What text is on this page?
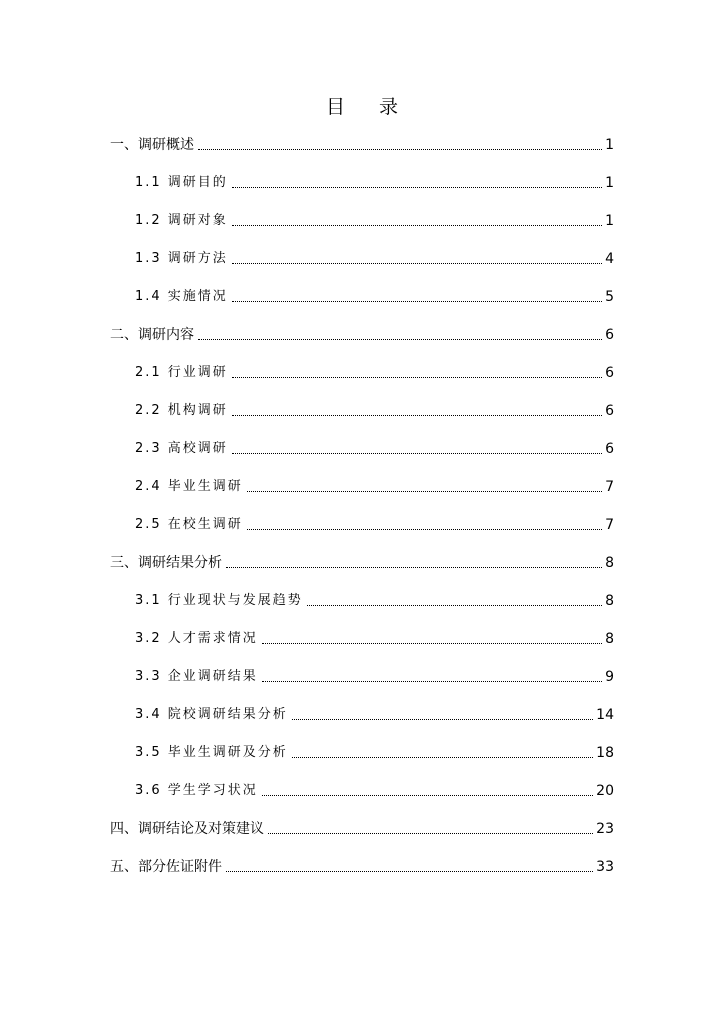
目 录
一、调研概述	1
1.1 调研目的	1
1.2 调研对象	1
1.3 调研方法	4
1.4 实施情况	5
二、调研内容	6
2.1 行业调研	6
2.2 机构调研	6
2.3 高校调研	6
2.4 毕业生调研	7
2.5 在校生调研	7
三、调研结果分析	8
3.1 行业现状与发展趋势	8
3.2 人才需求情况	8
3.3 企业调研结果	9
3.4 院校调研结果分析	14
3.5 毕业生调研及分析	18
3.6 学生学习状况	20
四、调研结论及对策建议	23
五、部分佐证附件	33
